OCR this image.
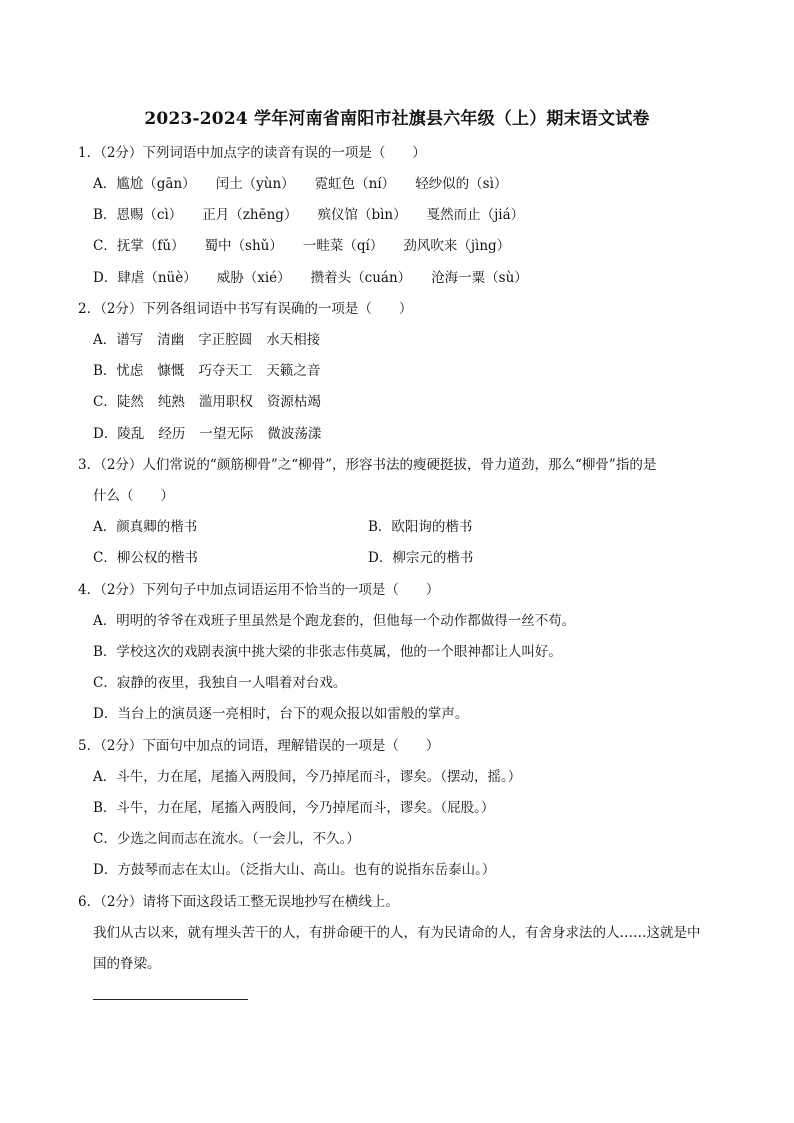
2023-2024 学年河南省南阳市社旗县六年级（上）期末语文试卷
1．（2分）下列词语中加点字的读音有误的一项是（　　）
A．尴尬（gān） 闰土（yùn） 霓虹色（ní） 轻纱似的（sì）
B．恩赐（cì） 正月（zhēng） 殡仪馆（bìn） 戛然而止（jiá）
C．抚掌（fǔ） 蜀中（shǔ） 一畦菜（qí） 劲风吹来（jìng）
D．肆虐（nüè） 威胁（xié） 攒着头（cuán） 沧海一粟（sù）
2．（2分）下列各组词语中书写有误确的一项是（　　）
A．谱写 清幽 字正腔圆 水天相接
B．忧虑 慷慨 巧夺天工 天籁之音
C．陡然 纯熟 滥用职权 资源枯竭
D．陵乱 经历 一望无际 微波荡漾
3．（2分）人们常说的“颜筋柳骨”之“柳骨”，形容书法的瘦硬挺拔，骨力道劲，那么“柳骨”指的是
什么（　　）
A．颜真卿的楷书	B．欧阳询的楷书
C．柳公权的楷书	D．柳宗元的楷书
4．（2分）下列句子中加点词语运用不恰当的一项是（　　）
A．明明的爷爷在戏班子里虽然是个跑龙套的，但他每一个动作都做得一丝不苟。
B．学校这次的戏剧表演中挑大梁的非张志伟莫属，他的一个眼神都让人叫好。
C．寂静的夜里，我独自一人唱着对台戏。
D．当台上的演员逐一亮相时，台下的观众报以如雷般的掌声。
5．（2分）下面句中加点的词语，理解错误的一项是（　　）
A．斗牛，力在尾，尾搐入两股间，今乃掉尾而斗，谬矣。（摆动，摇。）
B．斗牛，力在尾，尾搐入两股间，今乃掉尾而斗，谬矣。（屁股。）
C．少选之间而志在流水。（一会儿，不久。）
D．方鼓琴而志在太山。（泛指大山、高山。也有的说指东岳泰山。）
6．（2分）请将下面这段话工整无误地抄写在横线上。
我们从古以来，就有埋头苦干的人，有拼命硬干的人，有为民请命的人，有舍身求法的人……这就是中
国的脊梁。
